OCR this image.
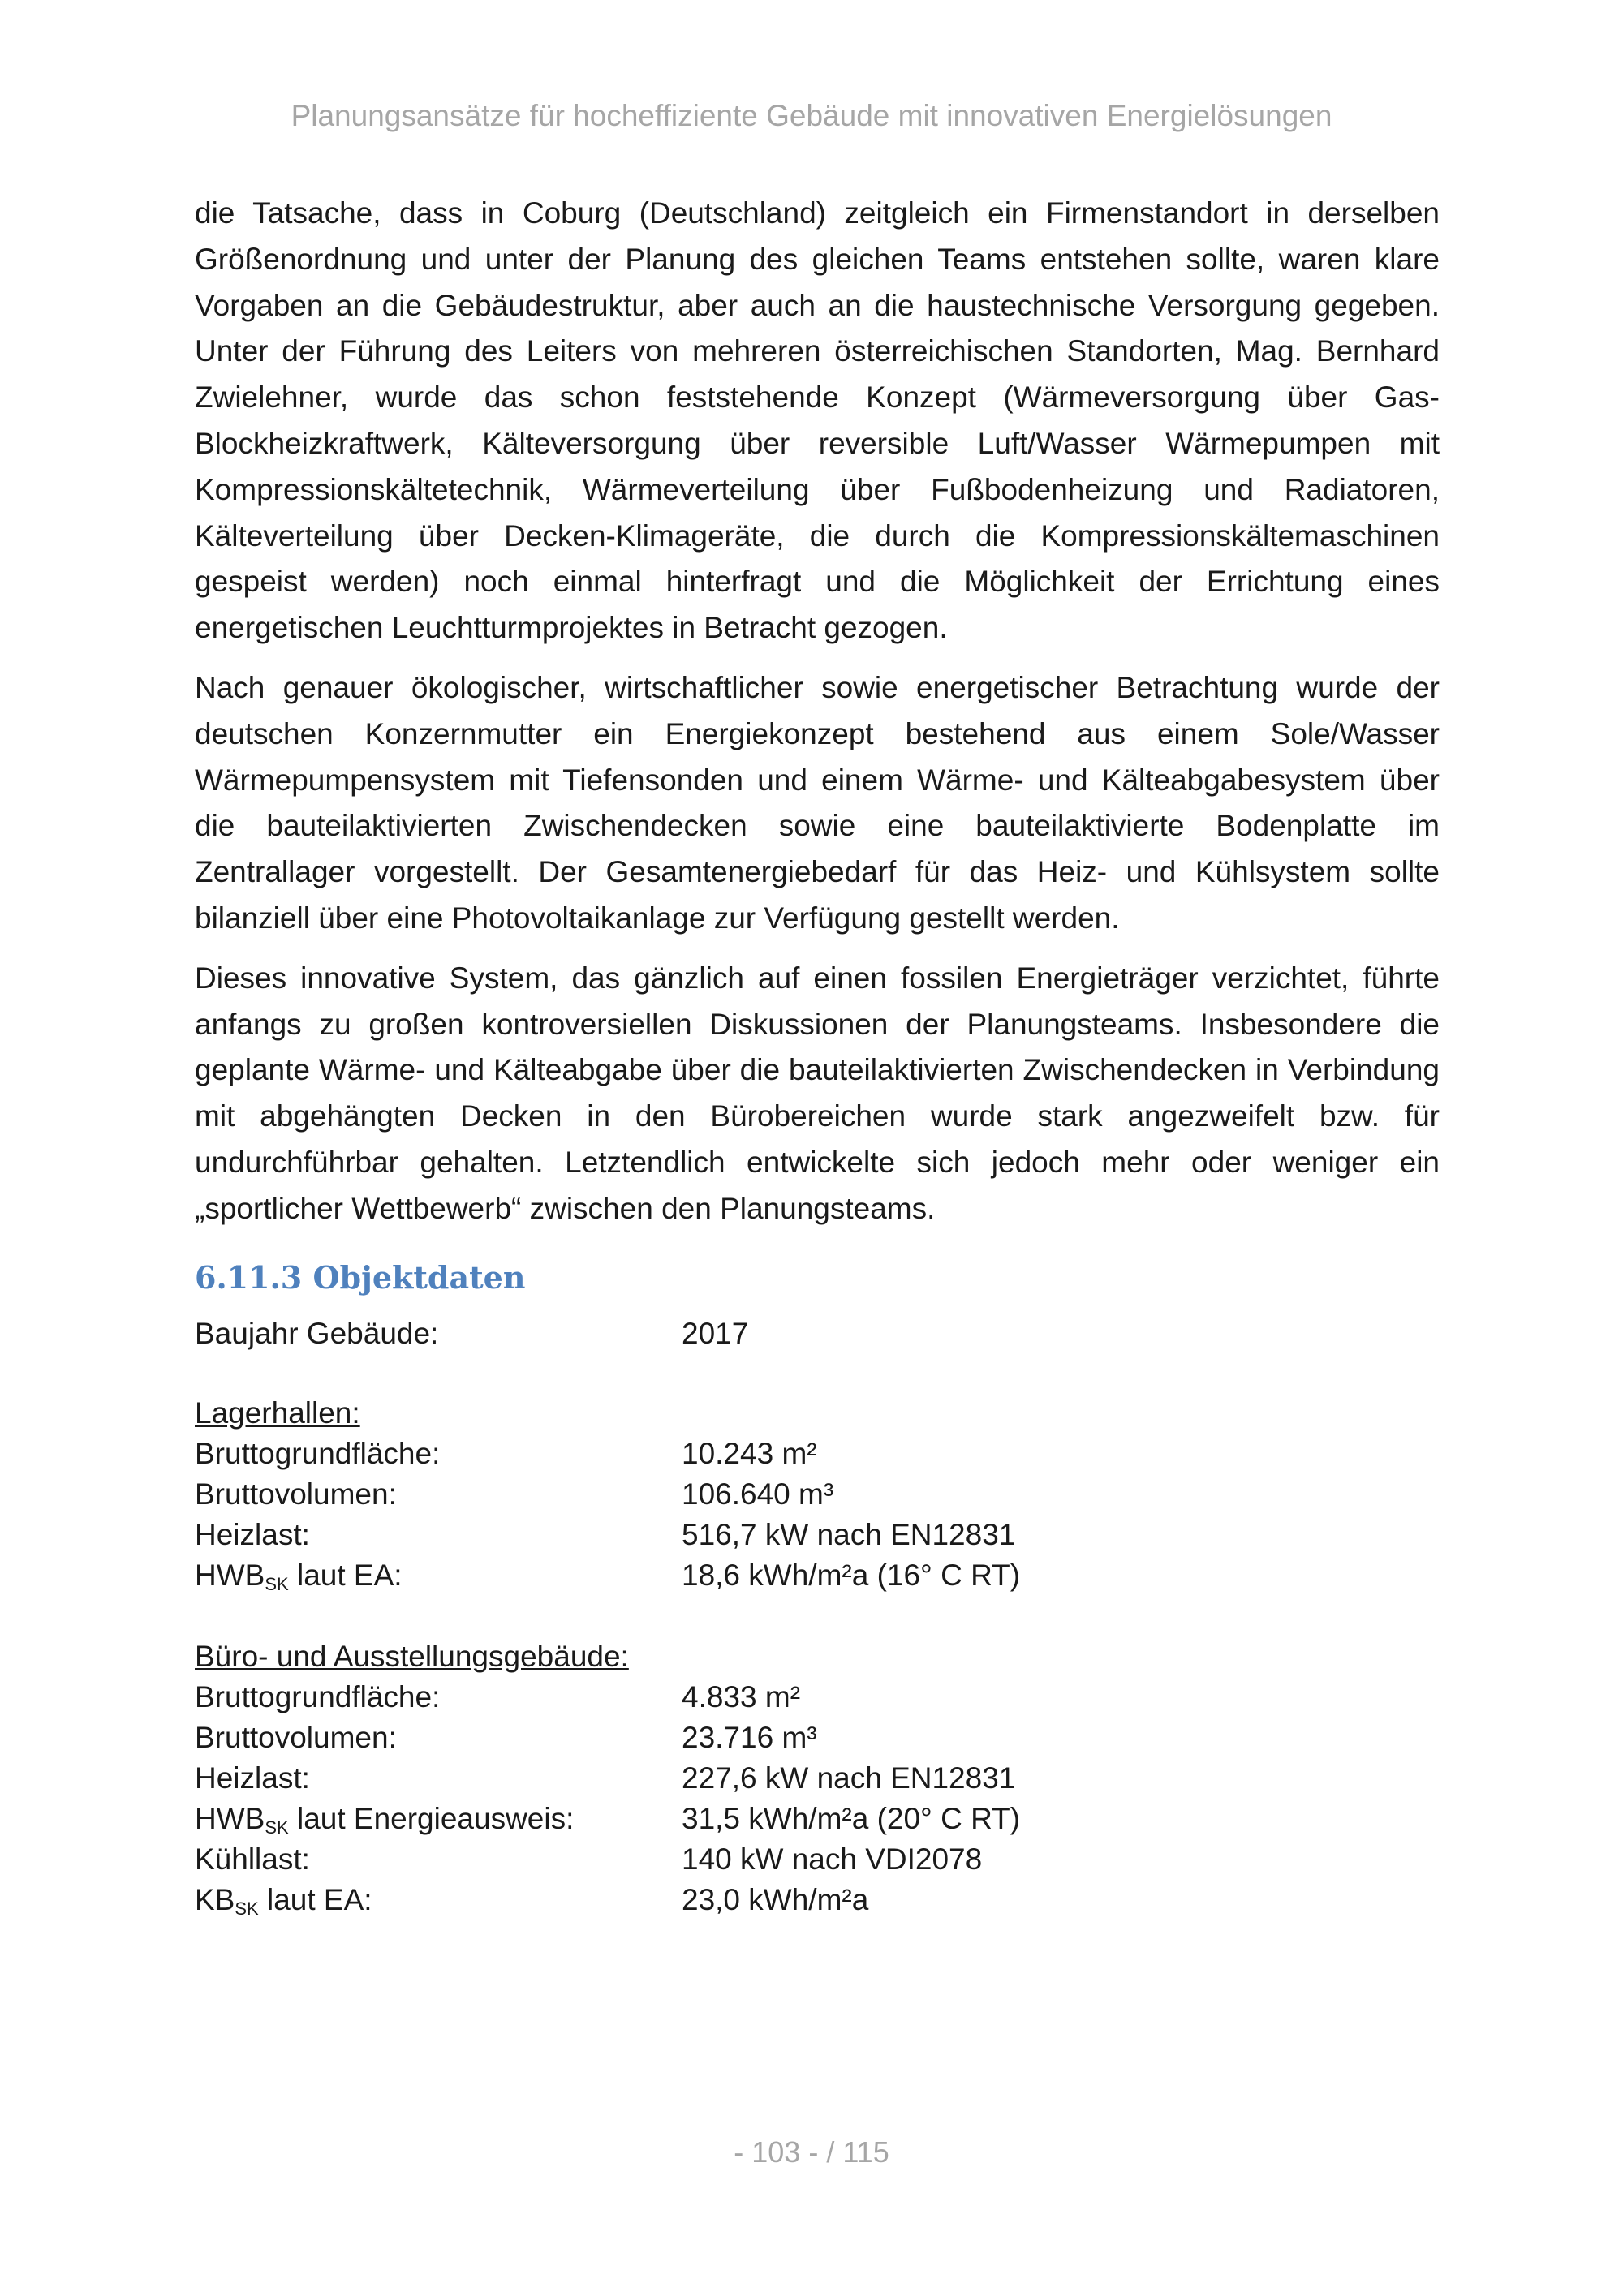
Planungsansätze für hocheffiziente Gebäude mit innovativen Energielösungen

die Tatsache, dass in Coburg (Deutschland) zeitgleich ein Firmenstandort in derselben Größenordnung und unter der Planung des gleichen Teams entstehen sollte, waren klare Vorgaben an die Gebäudestruktur, aber auch an die haustechnische Versorgung gegeben. Unter der Führung des Leiters von mehreren österreichischen Standorten, Mag. Bernhard Zwielehner, wurde das schon feststehende Konzept (Wärmeversorgung über Gas-Blockheizkraftwerk, Kälteversorgung über reversible Luft/Wasser Wärmepumpen mit Kompressionskältetechnik, Wärmeverteilung über Fußbodenheizung und Radiatoren, Kälteverteilung über Decken-Klimageräte, die durch die Kompressionskältemaschinen gespeist werden) noch einmal hinterfragt und die Möglichkeit der Errichtung eines energetischen Leuchtturmprojektes in Betracht gezogen.

Nach genauer ökologischer, wirtschaftlicher sowie energetischer Betrachtung wurde der deutschen Konzernmutter ein Energiekonzept bestehend aus einem Sole/Wasser Wärmepumpensystem mit Tiefensonden und einem Wärme- und Kälteabgabesystem über die bauteilaktivierten Zwischendecken sowie eine bauteilaktivierte Bodenplatte im Zentrallager vorgestellt. Der Gesamtenergiebedarf für das Heiz- und Kühlsystem sollte bilanziell über eine Photovoltaikanlage zur Verfügung gestellt werden.

Dieses innovative System, das gänzlich auf einen fossilen Energieträger verzichtet, führte anfangs zu großen kontroversiellen Diskussionen der Planungsteams. Insbesondere die geplante Wärme- und Kälteabgabe über die bauteilaktivierten Zwischendecken in Verbindung mit abgehängten Decken in den Bürobereichen wurde stark angezweifelt bzw. für undurchführbar gehalten. Letztendlich entwickelte sich jedoch mehr oder weniger ein „sportlicher Wettbewerb“ zwischen den Planungsteams.

6.11.3 Objektdaten
Baujahr Gebäude:	2017
Lagerhallen:
Bruttogrundfläche:	10.243 m²
Bruttovolumen:	106.640 m³
Heizlast:	516,7 kW nach EN12831
$HWB_{SK}$ laut EA:	18,6 kWh/m²a (16° C RT)
Büro- und Ausstellungsgebäude:
Bruttogrundfläche:	4.833 m²
Bruttovolumen:	23.716 m³
Heizlast:	227,6 kW nach EN12831
$HWB_{SK}$ laut Energieausweis:	31,5 kWh/m²a (20° C RT)
Kühllast:	140 kW nach VDI2078
$KB_{SK}$ laut EA:	23,0 kWh/m²a
- 103 - / 115
